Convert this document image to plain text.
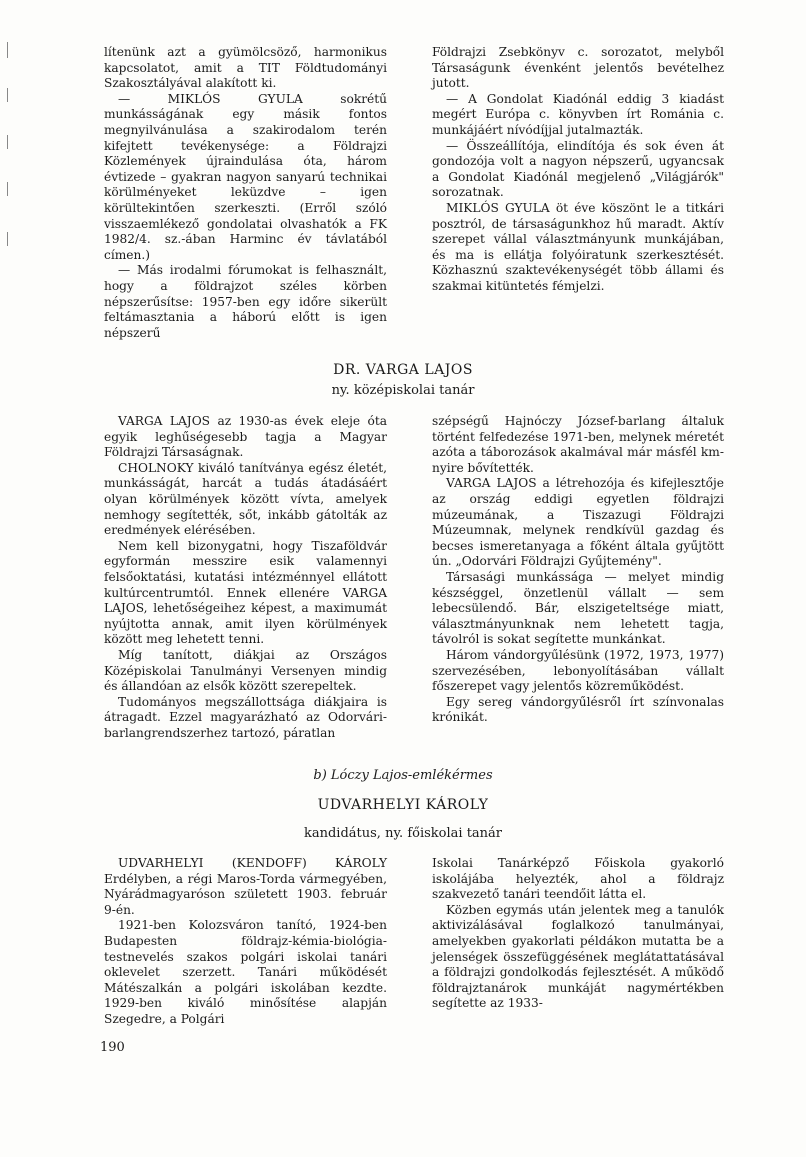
lítenünk azt a gyümölcsöző, harmonikus kapcsolatot, amit a TIT Földtudományi Szakosztályával alakított ki.

— MIKLÓS GYULA sokrétű munkásságának egy másik fontos megnyilvánulása a szakirodalom terén kifejtett tevékenysége: a Földrajzi Közlemények újraindulása óta, három évtizede – gyakran nagyon sanyarú technikai körülményeket leküzdve – igen körültekintően szerkeszti. (Erről szóló visszaemlékező gondolatai olvashatók a FK 1982/4. sz.-ában Harminc év távlatából címen.)

— Más irodalmi fórumokat is felhasznált, hogy a földrajzot széles körben népszerűsítse: 1957-ben egy időre sikerült feltámasztania a háború előtt is igen népszerű

Földrajzi Zsebkönyv c. sorozatot, melyből Társaságunk évenként jelentős bevételhez jutott.

— A Gondolat Kiadónál eddig 3 kiadást megért Európa c. könyvben írt Románia c. munkájáért nívódíjjal jutalmazták.

— Összeállítója, elindítója és sok éven át gondozója volt a nagyon népszerű, ugyancsak a Gondolat Kiadónál megjelenő „Világjárók" sorozatnak.

MIKLÓS GYULA öt éve köszönt le a titkári posztról, de társaságunkhoz hű maradt. Aktív szerepet vállal választmányunk munkájában, és ma is ellátja folyóiratunk szerkesztését. Közhasznú szaktevékenységét több állami és szakmai kitüntetés fémjelzi.

DR. VARGA LAJOS
ny. középiskolai tanár

VARGA LAJOS az 1930-as évek eleje óta egyik leghűségesebb tagja a Magyar Földrajzi Társaságnak.

CHOLNOKY kiváló tanítványa egész életét, munkásságát, harcát a tudás átadásáért olyan körülmények között vívta, amelyek nemhogy segítették, sőt, inkább gátolták az eredmények elérésében.

Nem kell bizonygatni, hogy Tiszaföldvár egyformán messzire esik valamennyi felsőoktatási, kutatási intézménnyel ellátott kultúrcentrumtól. Ennek ellenére VARGA LAJOS, lehetőségeihez képest, a maximumát nyújtotta annak, amit ilyen körülmények között meg lehetett tenni.

Míg tanított, diákjai az Országos Középiskolai Tanulmányi Versenyen mindig és állandóan az elsők között szerepeltek.

Tudományos megszállottsága diákjaira is átragadt. Ezzel magyarázható az Odorvári-barlangrendszerhez tartozó, páratlan

szépségű Hajnóczy József-barlang általuk történt felfedezése 1971-ben, melynek méretét azóta a táborozások akalmával már másfél km-nyire bővítették.

VARGA LAJOS a létrehozója és kifejlesztője az ország eddigi egyetlen földrajzi múzeumának, a Tiszazugi Földrajzi Múzeumnak, melynek rendkívül gazdag és becses ismeretanyaga a főként általa gyűjtött ún. „Odorvári Földrajzi Gyűjtemény".

Társasági munkássága — melyet mindig készséggel, önzetlenül vállalt — sem lebecsülendő. Bár, elszigeteltsége miatt, választmányunknak nem lehetett tagja, távolról is sokat segítette munkánkat.

Három vándorgyűlésünk (1972, 1973, 1977) szervezésében, lebonyolításában vállalt főszerepet vagy jelentős közreműködést.

Egy sereg vándorgyűlésről írt színvonalas krónikát.

b) Lóczy Lajos-emlékérmes
UDVARHELYI KÁROLY
kandidátus, ny. főiskolai tanár

UDVARHELYI (KENDOFF) KÁROLY Erdélyben, a régi Maros-Torda vármegyében, Nyárádmagyaróson született 1903. február 9-én.

1921-ben Kolozsváron tanító, 1924-ben Budapesten földrajz-kémia-biológia-testnevelés szakos polgári iskolai tanári oklevelet szerzett. Tanári működését Mátészalkán a polgári iskolában kezdte. 1929-ben kiváló minősítése alapján Szegedre, a Polgári

Iskolai Tanárképző Főiskola gyakorló iskolájába helyezték, ahol a földrajz szakvezető tanári teendőit látta el.

Közben egymás után jelentek meg a tanulók aktivizálásával foglalkozó tanulmányai, amelyekben gyakorlati példákon mutatta be a jelenségek összefüggésének meglátattatásával a földrajzi gondolkodás fejlesztését. A működő földrajztanárok munkáját nagymértékben segítette az 1933-

190
